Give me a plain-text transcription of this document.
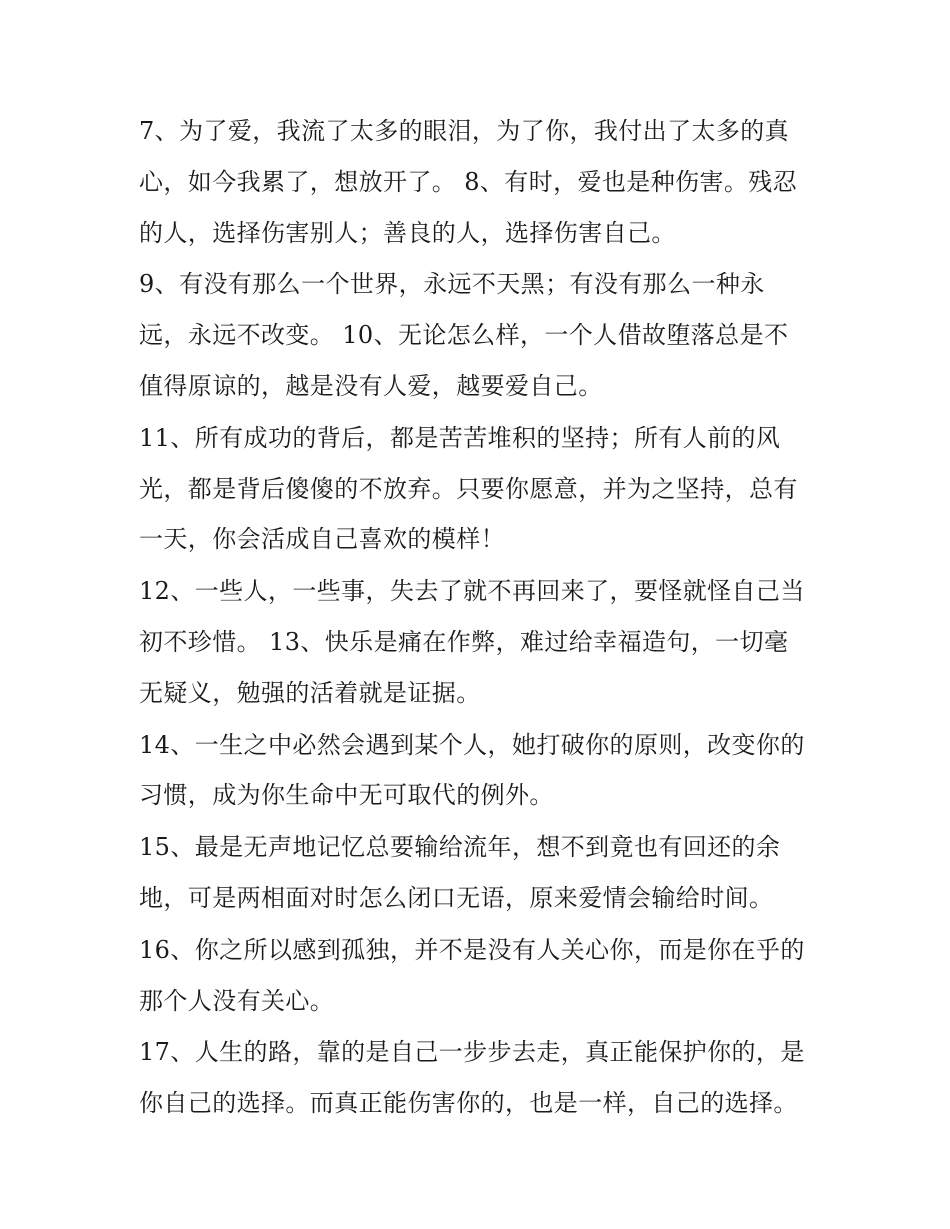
7、为了爱，我流了太多的眼泪，为了你，我付出了太多的真
心，如今我累了，想放开了。 8、有时，爱也是种伤害。残忍
的人，选择伤害别人；善良的人，选择伤害自己。

9、有没有那么一个世界，永远不天黑；有没有那么一种永
远，永远不改变。 10、无论怎么样，一个人借故堕落总是不
值得原谅的，越是没有人爱，越要爱自己。

11、所有成功的背后，都是苦苦堆积的坚持；所有人前的风
光，都是背后傻傻的不放弃。只要你愿意，并为之坚持，总有
一天，你会活成自己喜欢的模样！

12、一些人，一些事，失去了就不再回来了，要怪就怪自己当
初不珍惜。 13、快乐是痛在作弊，难过给幸福造句，一切毫
无疑义，勉强的活着就是证据。

14、一生之中必然会遇到某个人，她打破你的原则，改变你的
习惯，成为你生命中无可取代的例外。

15、最是无声地记忆总要输给流年，想不到竟也有回还的余
地，可是两相面对时怎么闭口无语，原来爱情会输给时间。

16、你之所以感到孤独，并不是没有人关心你，而是你在乎的
那个人没有关心。

17、人生的路，靠的是自己一步步去走，真正能保护你的，是
你自己的选择。而真正能伤害你的，也是一样，自己的选择。
